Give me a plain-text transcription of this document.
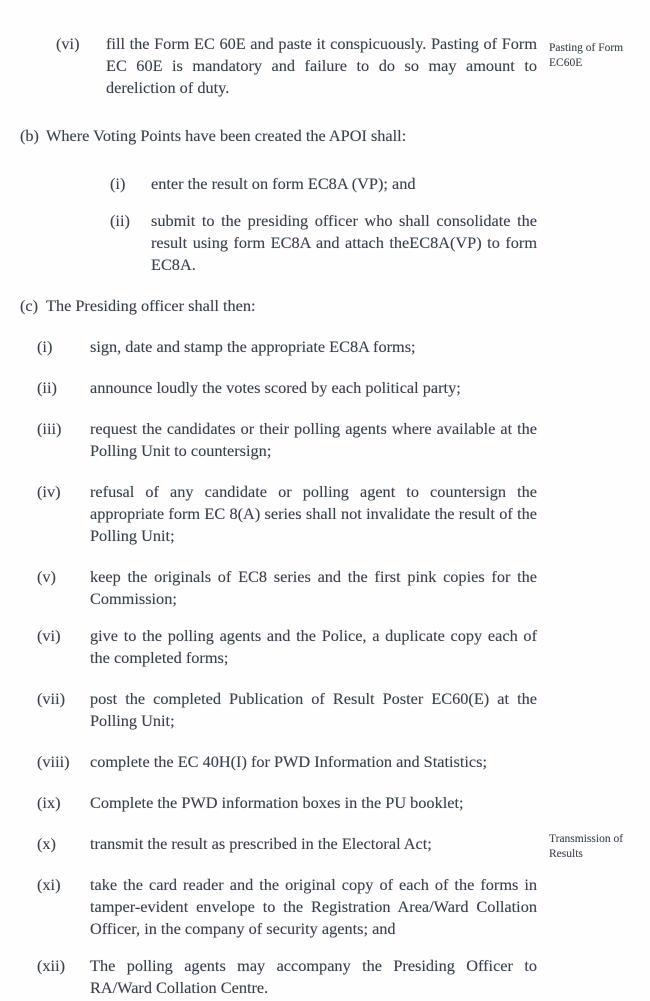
(vi)	fill the Form EC 60E and paste it conspicuously. Pasting of Form EC 60E is mandatory and failure to do so may amount to dereliction of duty.
(b) Where Voting Points have been created the APOI shall:
(i)	enter the result on form EC8A (VP); and
(ii)	submit to the presiding officer who shall consolidate the result using form EC8A and attach theEC8A(VP) to form EC8A.
(c) The Presiding officer shall then:
(i)	sign, date and stamp the appropriate EC8A forms;
(ii)	announce loudly the votes scored by each political party;
(iii)	request the candidates or their polling agents where available at the Polling Unit to countersign;
(iv)	refusal of any candidate or polling agent to countersign the appropriate form EC 8(A) series shall not invalidate the result of the Polling Unit;
(v)	keep the originals of EC8 series and the first pink copies for the Commission;
(vi)	give to the polling agents and the Police, a duplicate copy each of the completed forms;
(vii)	post the completed Publication of Result Poster EC60(E) at the Polling Unit;
(viii)	complete the EC 40H(I) for PWD Information and Statistics;
(ix)	Complete the PWD information boxes in the PU booklet;
(x)	transmit the result as prescribed in the Electoral Act;
(xi)	take the card reader and the original copy of each of the forms in tamper-evident envelope to the Registration Area/Ward Collation Officer, in the company of security agents; and
(xii)	The polling agents may accompany the Presiding Officer to RA/Ward Collation Centre.
Pasting of Form EC60E
Transmission of Results
